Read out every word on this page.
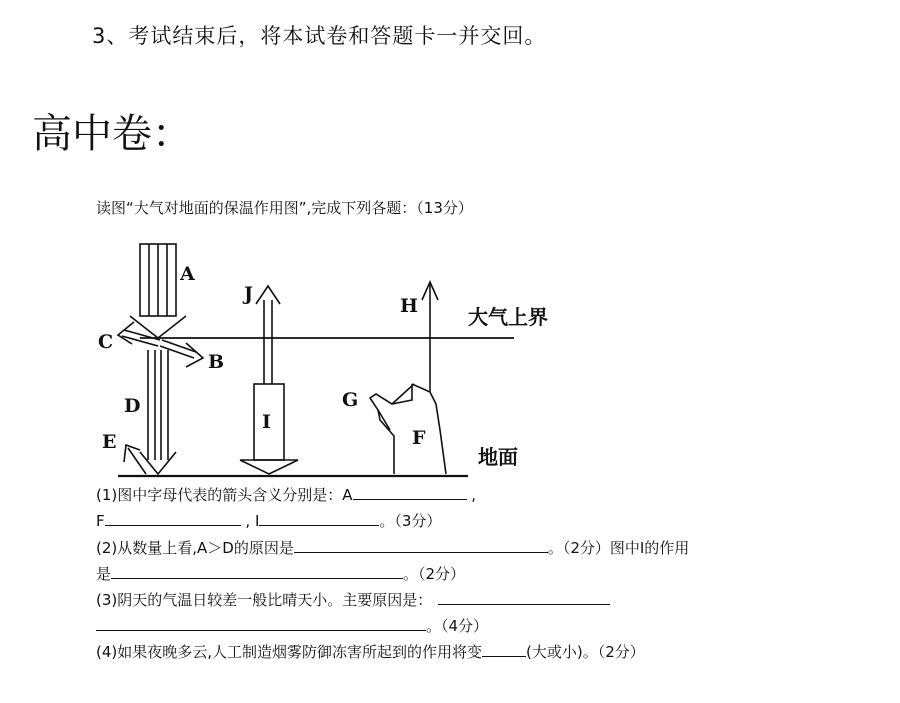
3、考试结束后，将本试卷和答题卡一并交回。
高中卷：
读图“大气对地面的保温作用图”,完成下列各题：（13分）
A
B
C
D
E	F
G
H
I
J
大气上界
地面
(1)图中字母代表的箭头含义分别是：A	,
F	, I	。（3分）
(2)从数量上看,A＞D的原因是	。（2分）图中I的作用
是	。（2分）
(3)阴天的气温日较差一般比晴天小。主要原因是：
。（4分）
(4)如果夜晚多云,人工制造烟雾防御冻害所起到的作用将变	(大或小)。（2分）
